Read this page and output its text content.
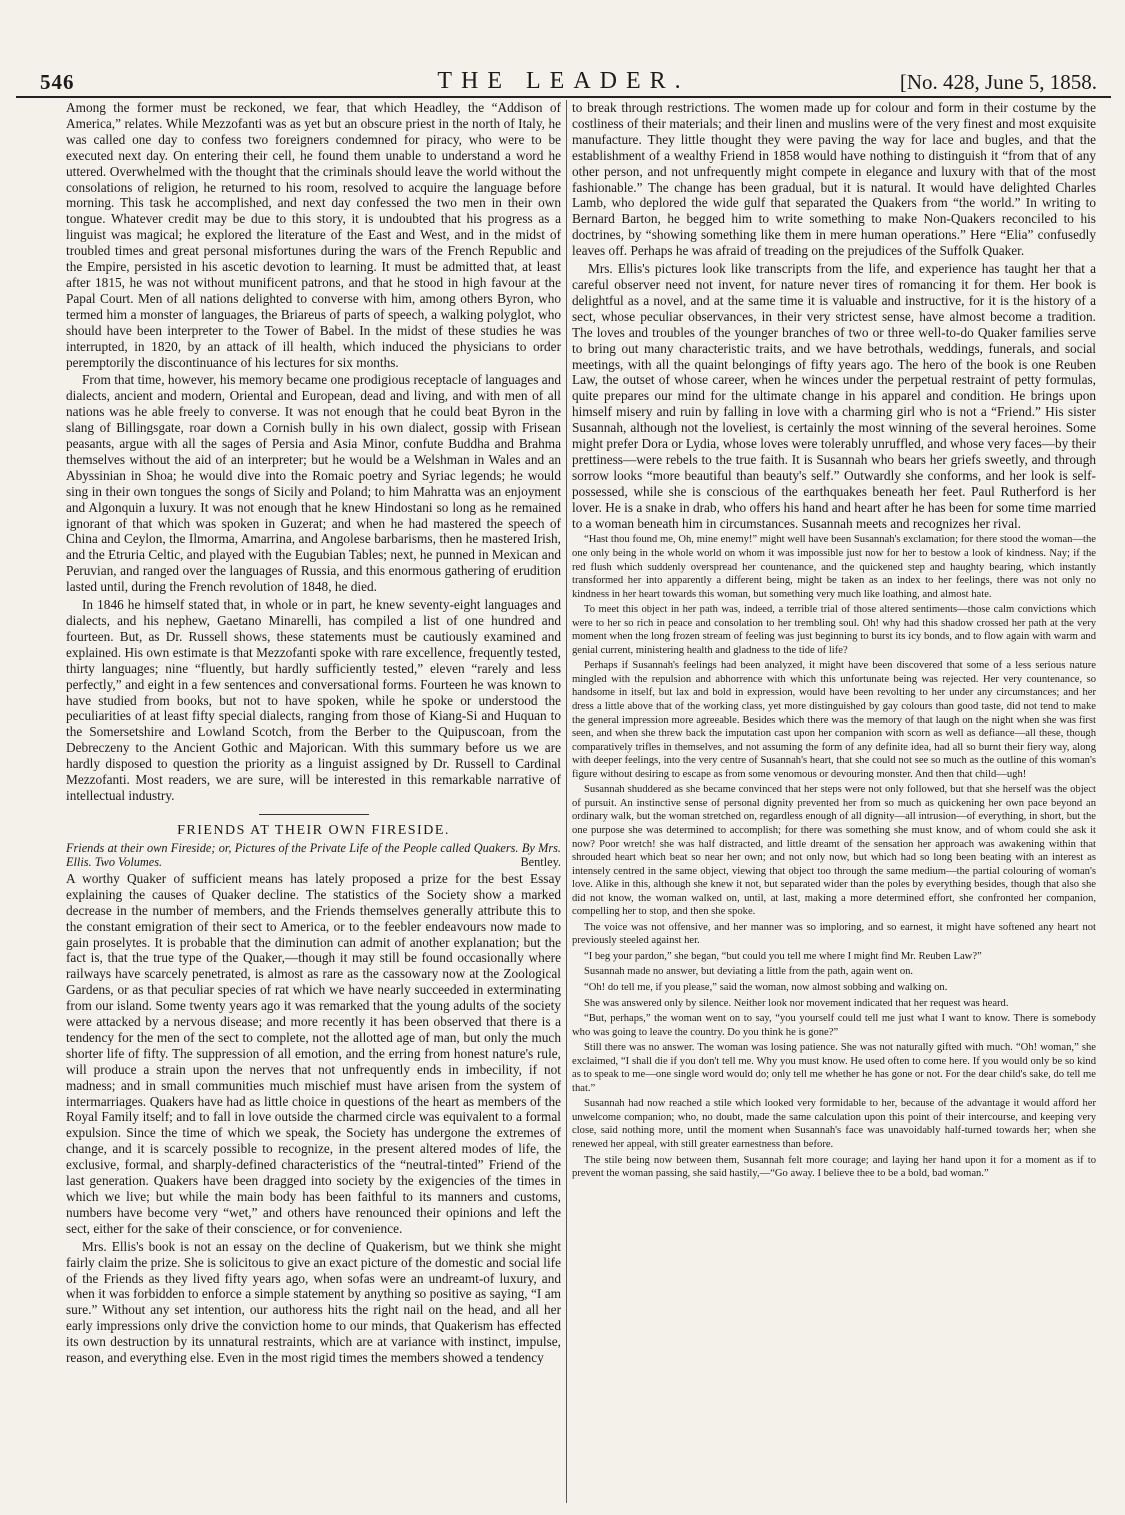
546	THE LEADER.	[No. 428, June 5, 1858.

Among the former must be reckoned, we fear, that which Headley, the “Addison of America,” relates. While Mezzofanti was as yet but an obscure priest in the north of Italy, he was called one day to confess two foreigners condemned for piracy, who were to be executed next day. On entering their cell, he found them unable to understand a word he uttered. Overwhelmed with the thought that the criminals should leave the world without the consolations of religion, he returned to his room, resolved to acquire the language before morning. This task he accomplished, and next day confessed the two men in their own tongue. Whatever credit may be due to this story, it is undoubted that his progress as a linguist was magical; he explored the literature of the East and West, and in the midst of troubled times and great personal misfortunes during the wars of the French Republic and the Empire, persisted in his ascetic devotion to learning. It must be admitted that, at least after 1815, he was not without munificent patrons, and that he stood in high favour at the Papal Court. Men of all nations delighted to converse with him, among others Byron, who termed him a monster of languages, the Briareus of parts of speech, a walking polyglot, who should have been interpreter to the Tower of Babel. In the midst of these studies he was interrupted, in 1820, by an attack of ill health, which induced the physicians to order peremptorily the discontinuance of his lectures for six months.

From that time, however, his memory became one prodigious receptacle of languages and dialects, ancient and modern, Oriental and European, dead and living, and with men of all nations was he able freely to converse. It was not enough that he could beat Byron in the slang of Billingsgate, roar down a Cornish bully in his own dialect, gossip with Frisean peasants, argue with all the sages of Persia and Asia Minor, confute Buddha and Brahma themselves without the aid of an interpreter; but he would be a Welshman in Wales and an Abyssinian in Shoa; he would dive into the Romaic poetry and Syriac legends; he would sing in their own tongues the songs of Sicily and Poland; to him Mahratta was an enjoyment and Algonquin a luxury. It was not enough that he knew Hindostani so long as he remained ignorant of that which was spoken in Guzerat; and when he had mastered the speech of China and Ceylon, the Ilmorma, Amarrina, and Angolese barbarisms, then he mastered Irish, and the Etruria Celtic, and played with the Eugubian Tables; next, he punned in Mexican and Peruvian, and ranged over the languages of Russia, and this enormous gathering of erudition lasted until, during the French revolution of 1848, he died.

In 1846 he himself stated that, in whole or in part, he knew seventy-eight languages and dialects, and his nephew, Gaetano Minarelli, has compiled a list of one hundred and fourteen. But, as Dr. Russell shows, these statements must be cautiously examined and explained. His own estimate is that Mezzofanti spoke with rare excellence, frequently tested, thirty languages; nine “fluently, but hardly sufficiently tested,” eleven “rarely and less perfectly,” and eight in a few sentences and conversational forms. Fourteen he was known to have studied from books, but not to have spoken, while he spoke or understood the peculiarities of at least fifty special dialects, ranging from those of Kiang-Si and Huquan to the Somersetshire and Lowland Scotch, from the Berber to the Quipuscoan, from the Debreczeny to the Ancient Gothic and Majorican. With this summary before us we are hardly disposed to question the priority as a linguist assigned by Dr. Russell to Cardinal Mezzofanti. Most readers, we are sure, will be interested in this remarkable narrative of intellectual industry.

FRIENDS AT THEIR OWN FIRESIDE.
Friends at their own Fireside; or, Pictures of the Private Life of the People called Quakers. By Mrs. Ellis. Two Volumes.	Bentley.

A worthy Quaker of sufficient means has lately proposed a prize for the best Essay explaining the causes of Quaker decline. The statistics of the Society show a marked decrease in the number of members, and the Friends themselves generally attribute this to the constant emigration of their sect to America, or to the feebler endeavours now made to gain proselytes. It is probable that the diminution can admit of another explanation; but the fact is, that the true type of the Quaker,—though it may still be found occasionally where railways have scarcely penetrated, is almost as rare as the cassowary now at the Zoological Gardens, or as that peculiar species of rat which we have nearly succeeded in exterminating from our island. Some twenty years ago it was remarked that the young adults of the society were attacked by a nervous disease; and more recently it has been observed that there is a tendency for the men of the sect to complete, not the allotted age of man, but only the much shorter life of fifty. The suppression of all emotion, and the erring from honest nature's rule, will produce a strain upon the nerves that not unfrequently ends in imbecility, if not madness; and in small communities much mischief must have arisen from the system of intermarriages. Quakers have had as little choice in questions of the heart as members of the Royal Family itself; and to fall in love outside the charmed circle was equivalent to a formal expulsion. Since the time of which we speak, the Society has undergone the extremes of change, and it is scarcely possible to recognize, in the present altered modes of life, the exclusive, formal, and sharply-defined characteristics of the “neutral-tinted” Friend of the last generation. Quakers have been dragged into society by the exigencies of the times in which we live; but while the main body has been faithful to its manners and customs, numbers have become very “wet,” and others have renounced their opinions and left the sect, either for the sake of their conscience, or for convenience.

Mrs. Ellis's book is not an essay on the decline of Quakerism, but we think she might fairly claim the prize. She is solicitous to give an exact picture of the domestic and social life of the Friends as they lived fifty years ago, when sofas were an undreamt-of luxury, and when it was forbidden to enforce a simple statement by anything so positive as saying, “I am sure.” Without any set intention, our authoress hits the right nail on the head, and all her early impressions only drive the conviction home to our minds, that Quakerism has effected its own destruction by its unnatural restraints, which are at variance with instinct, impulse, reason, and everything else. Even in the most rigid times the members showed a tendency

to break through restrictions. The women made up for colour and form in their costume by the costliness of their materials; and their linen and muslins were of the very finest and most exquisite manufacture. They little thought they were paving the way for lace and bugles, and that the establishment of a wealthy Friend in 1858 would have nothing to distinguish it “from that of any other person, and not unfrequently might compete in elegance and luxury with that of the most fashionable.” The change has been gradual, but it is natural. It would have delighted Charles Lamb, who deplored the wide gulf that separated the Quakers from “the world.” In writing to Bernard Barton, he begged him to write something to make Non-Quakers reconciled to his doctrines, by “showing something like them in mere human operations.” Here “Elia” confusedly leaves off. Perhaps he was afraid of treading on the prejudices of the Suffolk Quaker.

Mrs. Ellis's pictures look like transcripts from the life, and experience has taught her that a careful observer need not invent, for nature never tires of romancing it for them. Her book is delightful as a novel, and at the same time it is valuable and instructive, for it is the history of a sect, whose peculiar observances, in their very strictest sense, have almost become a tradition. The loves and troubles of the younger branches of two or three well-to-do Quaker families serve to bring out many characteristic traits, and we have betrothals, weddings, funerals, and social meetings, with all the quaint belongings of fifty years ago. The hero of the book is one Reuben Law, the outset of whose career, when he winces under the perpetual restraint of petty formulas, quite prepares our mind for the ultimate change in his apparel and condition. He brings upon himself misery and ruin by falling in love with a charming girl who is not a “Friend.” His sister Susannah, although not the loveliest, is certainly the most winning of the several heroines. Some might prefer Dora or Lydia, whose loves were tolerably unruffled, and whose very faces—by their prettiness—were rebels to the true faith. It is Susannah who bears her griefs sweetly, and through sorrow looks “more beautiful than beauty's self.” Outwardly she conforms, and her look is self-possessed, while she is conscious of the earthquakes beneath her feet. Paul Rutherford is her lover. He is a snake in drab, who offers his hand and heart after he has been for some time married to a woman beneath him in circumstances. Susannah meets and recognizes her rival.

“Hast thou found me, Oh, mine enemy!” might well have been Susannah's exclamation; for there stood the woman—the one only being in the whole world on whom it was impossible just now for her to bestow a look of kindness. Nay; if the red flush which suddenly overspread her countenance, and the quickened step and haughty bearing, which instantly transformed her into apparently a different being, might be taken as an index to her feelings, there was not only no kindness in her heart towards this woman, but something very much like loathing, and almost hate.

To meet this object in her path was, indeed, a terrible trial of those altered sentiments—those calm convictions which were to her so rich in peace and consolation to her trembling soul. Oh! why had this shadow crossed her path at the very moment when the long frozen stream of feeling was just beginning to burst its icy bonds, and to flow again with warm and genial current, ministering health and gladness to the tide of life?

Perhaps if Susannah's feelings had been analyzed, it might have been discovered that some of a less serious nature mingled with the repulsion and abhorrence with which this unfortunate being was rejected. Her very countenance, so handsome in itself, but lax and bold in expression, would have been revolting to her under any circumstances; and her dress a little above that of the working class, yet more distinguished by gay colours than good taste, did not tend to make the general impression more agreeable. Besides which there was the memory of that laugh on the night when she was first seen, and when she threw back the imputation cast upon her companion with scorn as well as defiance—all these, though comparatively trifles in themselves, and not assuming the form of any definite idea, had all so burnt their fiery way, along with deeper feelings, into the very centre of Susannah's heart, that she could not see so much as the outline of this woman's figure without desiring to escape as from some venomous or devouring monster. And then that child—ugh!

Susannah shuddered as she became convinced that her steps were not only followed, but that she herself was the object of pursuit. An instinctive sense of personal dignity prevented her from so much as quickening her own pace beyond an ordinary walk, but the woman stretched on, regardless enough of all dignity—all intrusion—of everything, in short, but the one purpose she was determined to accomplish; for there was something she must know, and of whom could she ask it now? Poor wretch! she was half distracted, and little dreamt of the sensation her approach was awakening within that shrouded heart which beat so near her own; and not only now, but which had so long been beating with an interest as intensely centred in the same object, viewing that object too through the same medium—the partial colouring of woman's love. Alike in this, although she knew it not, but separated wider than the poles by everything besides, though that also she did not know, the woman walked on, until, at last, making a more determined effort, she confronted her companion, compelling her to stop, and then she spoke.

The voice was not offensive, and her manner was so imploring, and so earnest, it might have softened any heart not previously steeled against her.

“I beg your pardon,” she began, “but could you tell me where I might find Mr. Reuben Law?”

Susannah made no answer, but deviating a little from the path, again went on.

“Oh! do tell me, if you please,” said the woman, now almost sobbing and walking on.

She was answered only by silence. Neither look nor movement indicated that her request was heard.

“But, perhaps,” the woman went on to say, “you yourself could tell me just what I want to know. There is somebody who was going to leave the country. Do you think he is gone?”

Still there was no answer. The woman was losing patience. She was not naturally gifted with much. “Oh! woman,” she exclaimed, “I shall die if you don't tell me. Why you must know. He used often to come here. If you would only be so kind as to speak to me—one single word would do; only tell me whether he has gone or not. For the dear child's sake, do tell me that.”

Susannah had now reached a stile which looked very formidable to her, because of the advantage it would afford her unwelcome companion; who, no doubt, made the same calculation upon this point of their intercourse, and keeping very close, said nothing more, until the moment when Susannah's face was unavoidably half-turned towards her; when she renewed her appeal, with still greater earnestness than before.

The stile being now between them, Susannah felt more courage; and laying her hand upon it for a moment as if to prevent the woman passing, she said hastily,—“Go away. I believe thee to be a bold, bad woman.”
